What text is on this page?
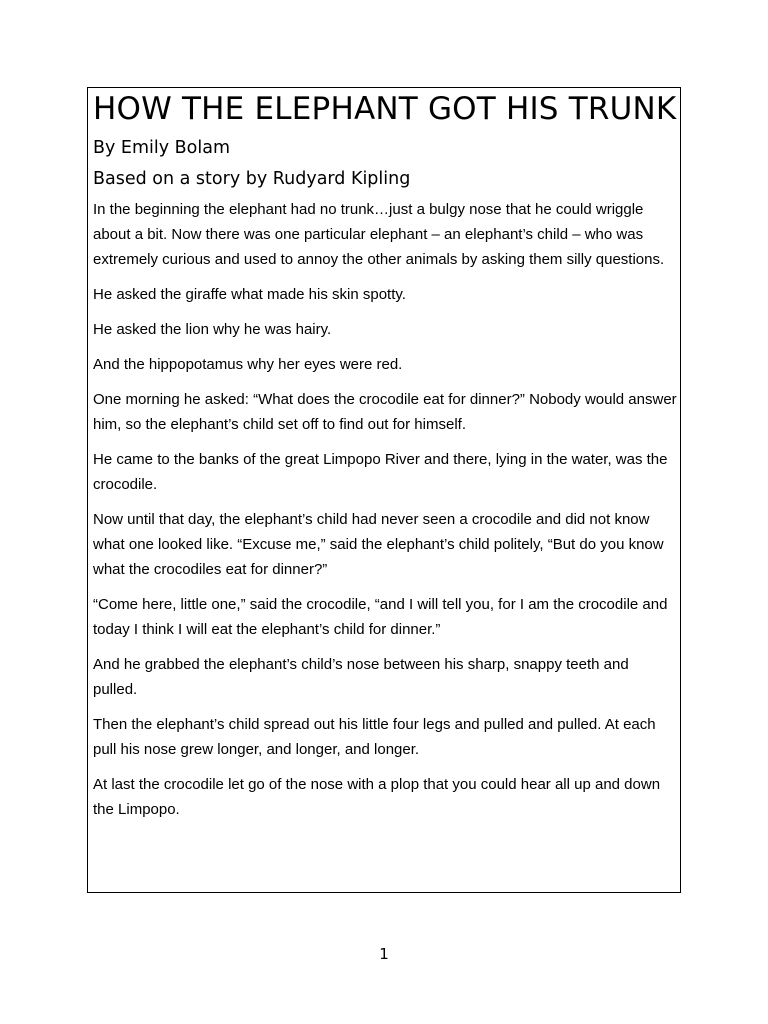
HOW THE ELEPHANT GOT HIS TRUNK
By Emily Bolam
Based on a story by Rudyard Kipling

In the beginning the elephant had no trunk…just a bulgy nose that he could wriggle about a bit. Now there was one particular elephant – an elephant’s child – who was extremely curious and used to annoy the other animals by asking them silly questions.

He asked the giraffe what made his skin spotty.

He asked the lion why he was hairy.

And the hippopotamus why her eyes were red.

One morning he asked: “What does the crocodile eat for dinner?” Nobody would answer him, so the elephant’s child set off to find out for himself.

He came to the banks of the great Limpopo River and there, lying in the water, was the crocodile.

Now until that day, the elephant’s child had never seen a crocodile and did not know what one looked like. “Excuse me,” said the elephant’s child politely, “But do you know what the crocodiles eat for dinner?”

“Come here, little one,” said the crocodile, “and I will tell you, for I am the crocodile and today I think I will eat the elephant’s child for dinner.”

And he grabbed the elephant’s child’s nose between his sharp, snappy teeth and pulled.

Then the elephant’s child spread out his little four legs and pulled and pulled. At each pull his nose grew longer, and longer, and longer.

At last the crocodile let go of the nose with a plop that you could hear all up and down the Limpopo.

1
